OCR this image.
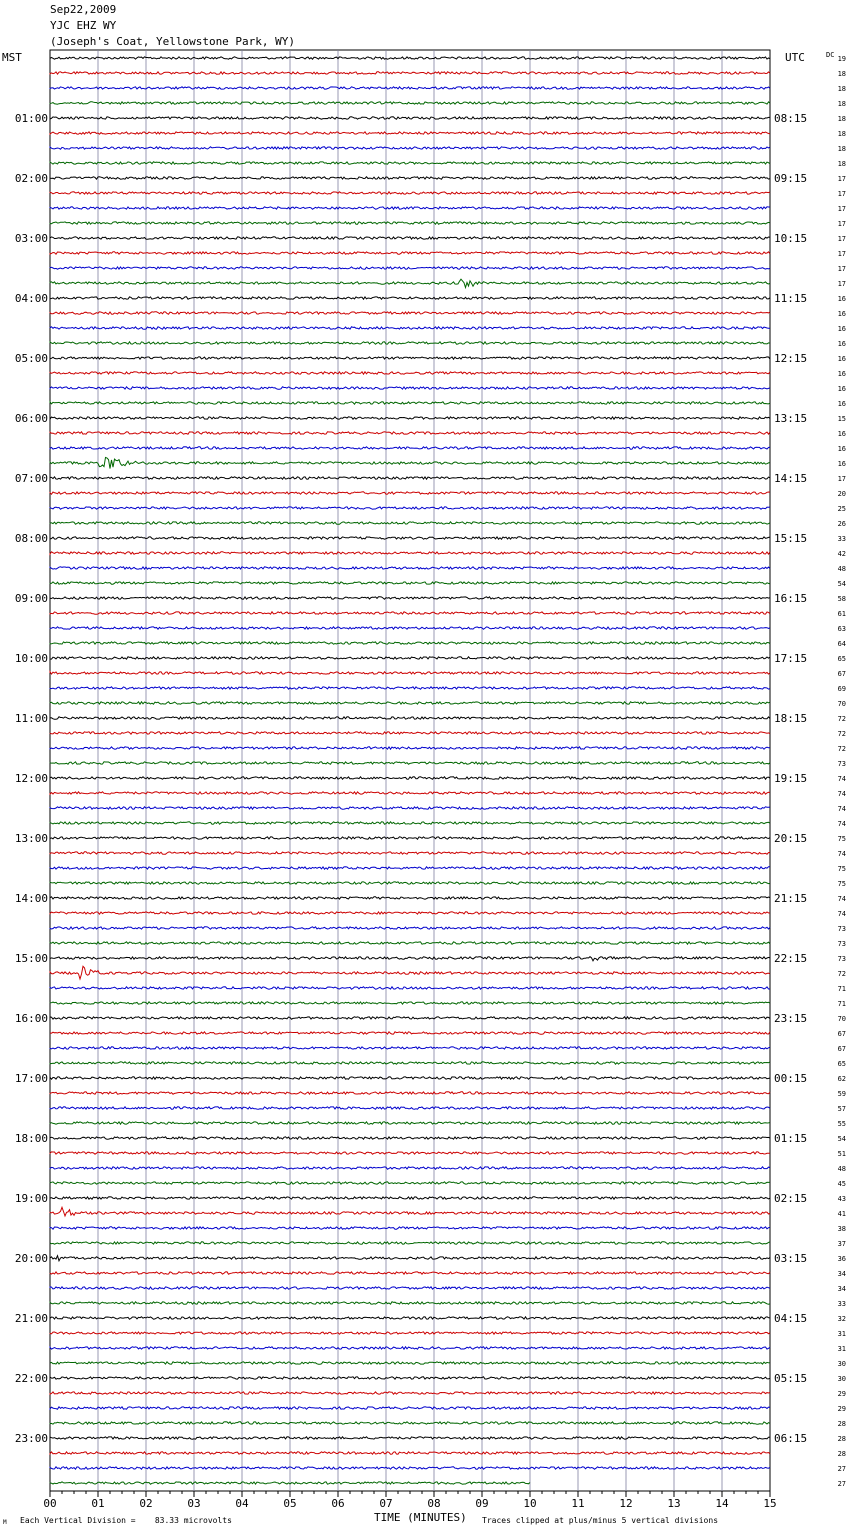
Sep22,2009
YJC EHZ WY
(Joseph's Coat, Yellowstone Park, WY)
00	01	02	03	04	05	06	07	08	09	10	11	12	13	14	15
19
18
18
18
18
18
18
18
17
17
17
17
17
17
17
17
16
16
16
16
16
16
16
16
15
16
16
16
17
20
25
26
33
42
48
54
58
61
63
64
65
67
69
70
72
72
72
73
74
74
74
74
75
74
75
75
74
74
73
73
73
72
71
71
70
67
67
65
62
59
57
55
54
51
48
45
43
41
38
37
36
34
34
33
32
31
31
30
30
29
29
28
28
28
27
27
01:00
02:00
03:00
04:00
05:00
06:00
07:00
08:00
09:00
10:00
11:00
12:00
13:00
14:00
15:00
16:00
17:00
18:00
19:00
20:00
21:00
22:00
23:00
08:15
09:15
10:15
11:15
12:15
13:15
14:15
15:15
16:15
17:15
18:15
19:15
20:15
21:15
22:15
23:15
00:15
01:15
02:15
03:15
04:15
05:15
06:15
MST	UTC	DC
TIME (MINUTES)
Each Vertical Division =    83.33 microvolts	Traces clipped at plus/minus 5 vertical divisions
M
